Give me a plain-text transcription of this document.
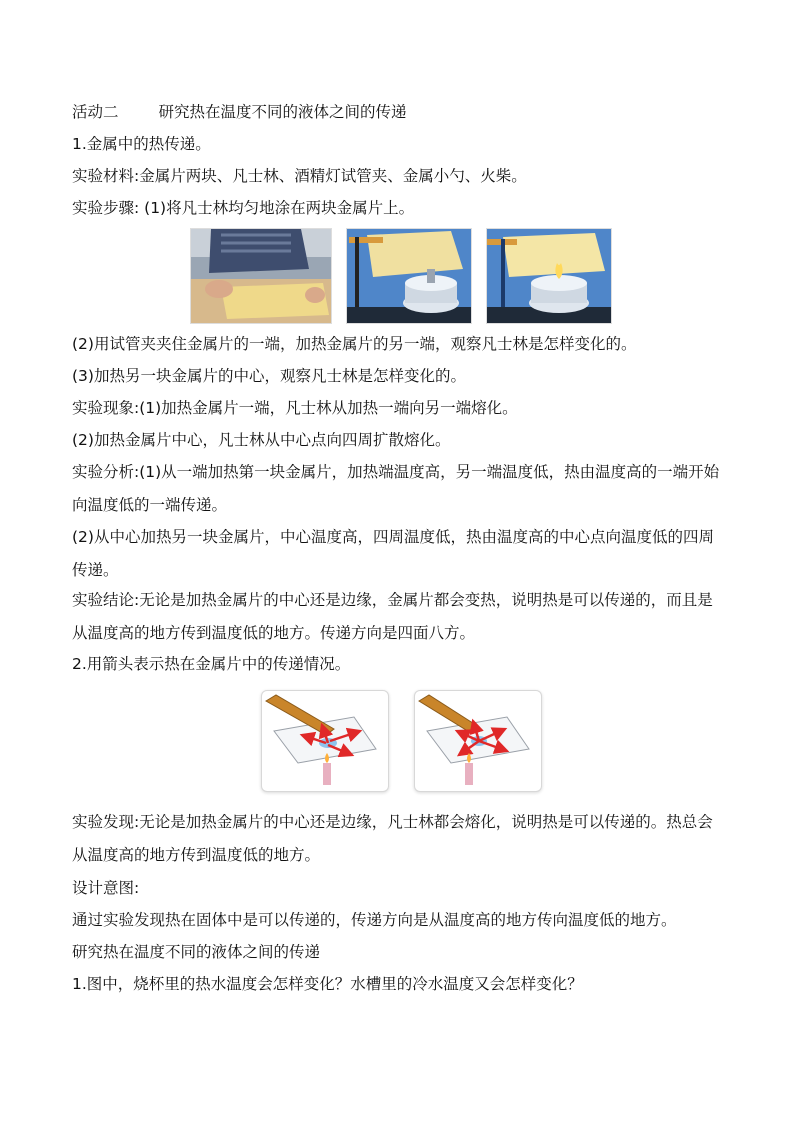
活动二	研究热在温度不同的液体之间的传递
1.金属中的热传递。
实验材料:金属片两块、凡士林、酒精灯试管夹、金属小勺、火柴。
实验步骤: (1)将凡士林均匀地涂在两块金属片上。
(2)用试管夹夹住金属片的一端，加热金属片的另一端，观察凡士林是怎样变化的。
(3)加热另一块金属片的中心，观察凡士林是怎样变化的。
实验现象:(1)加热金属片一端，凡士林从加热一端向另一端熔化。
(2)加热金属片中心，凡士林从中心点向四周扩散熔化。
实验分析:(1)从一端加热第一块金属片，加热端温度高，另一端温度低，热由温度高的一端开始向温度低的一端传递。
(2)从中心加热另一块金属片，中心温度高，四周温度低，热由温度高的中心点向温度低的四周传递。
实验结论:无论是加热金属片的中心还是边缘，金属片都会变热，说明热是可以传递的，而且是从温度高的地方传到温度低的地方。传递方向是四面八方。
2.用箭头表示热在金属片中的传递情况。
实验发现:无论是加热金属片的中心还是边缘，凡士林都会熔化，说明热是可以传递的。热总会从温度高的地方传到温度低的地方。
设计意图:
通过实验发现热在固体中是可以传递的，传递方向是从温度高的地方传向温度低的地方。
研究热在温度不同的液体之间的传递
1.图中，烧杯里的热水温度会怎样变化？水槽里的冷水温度又会怎样变化？
